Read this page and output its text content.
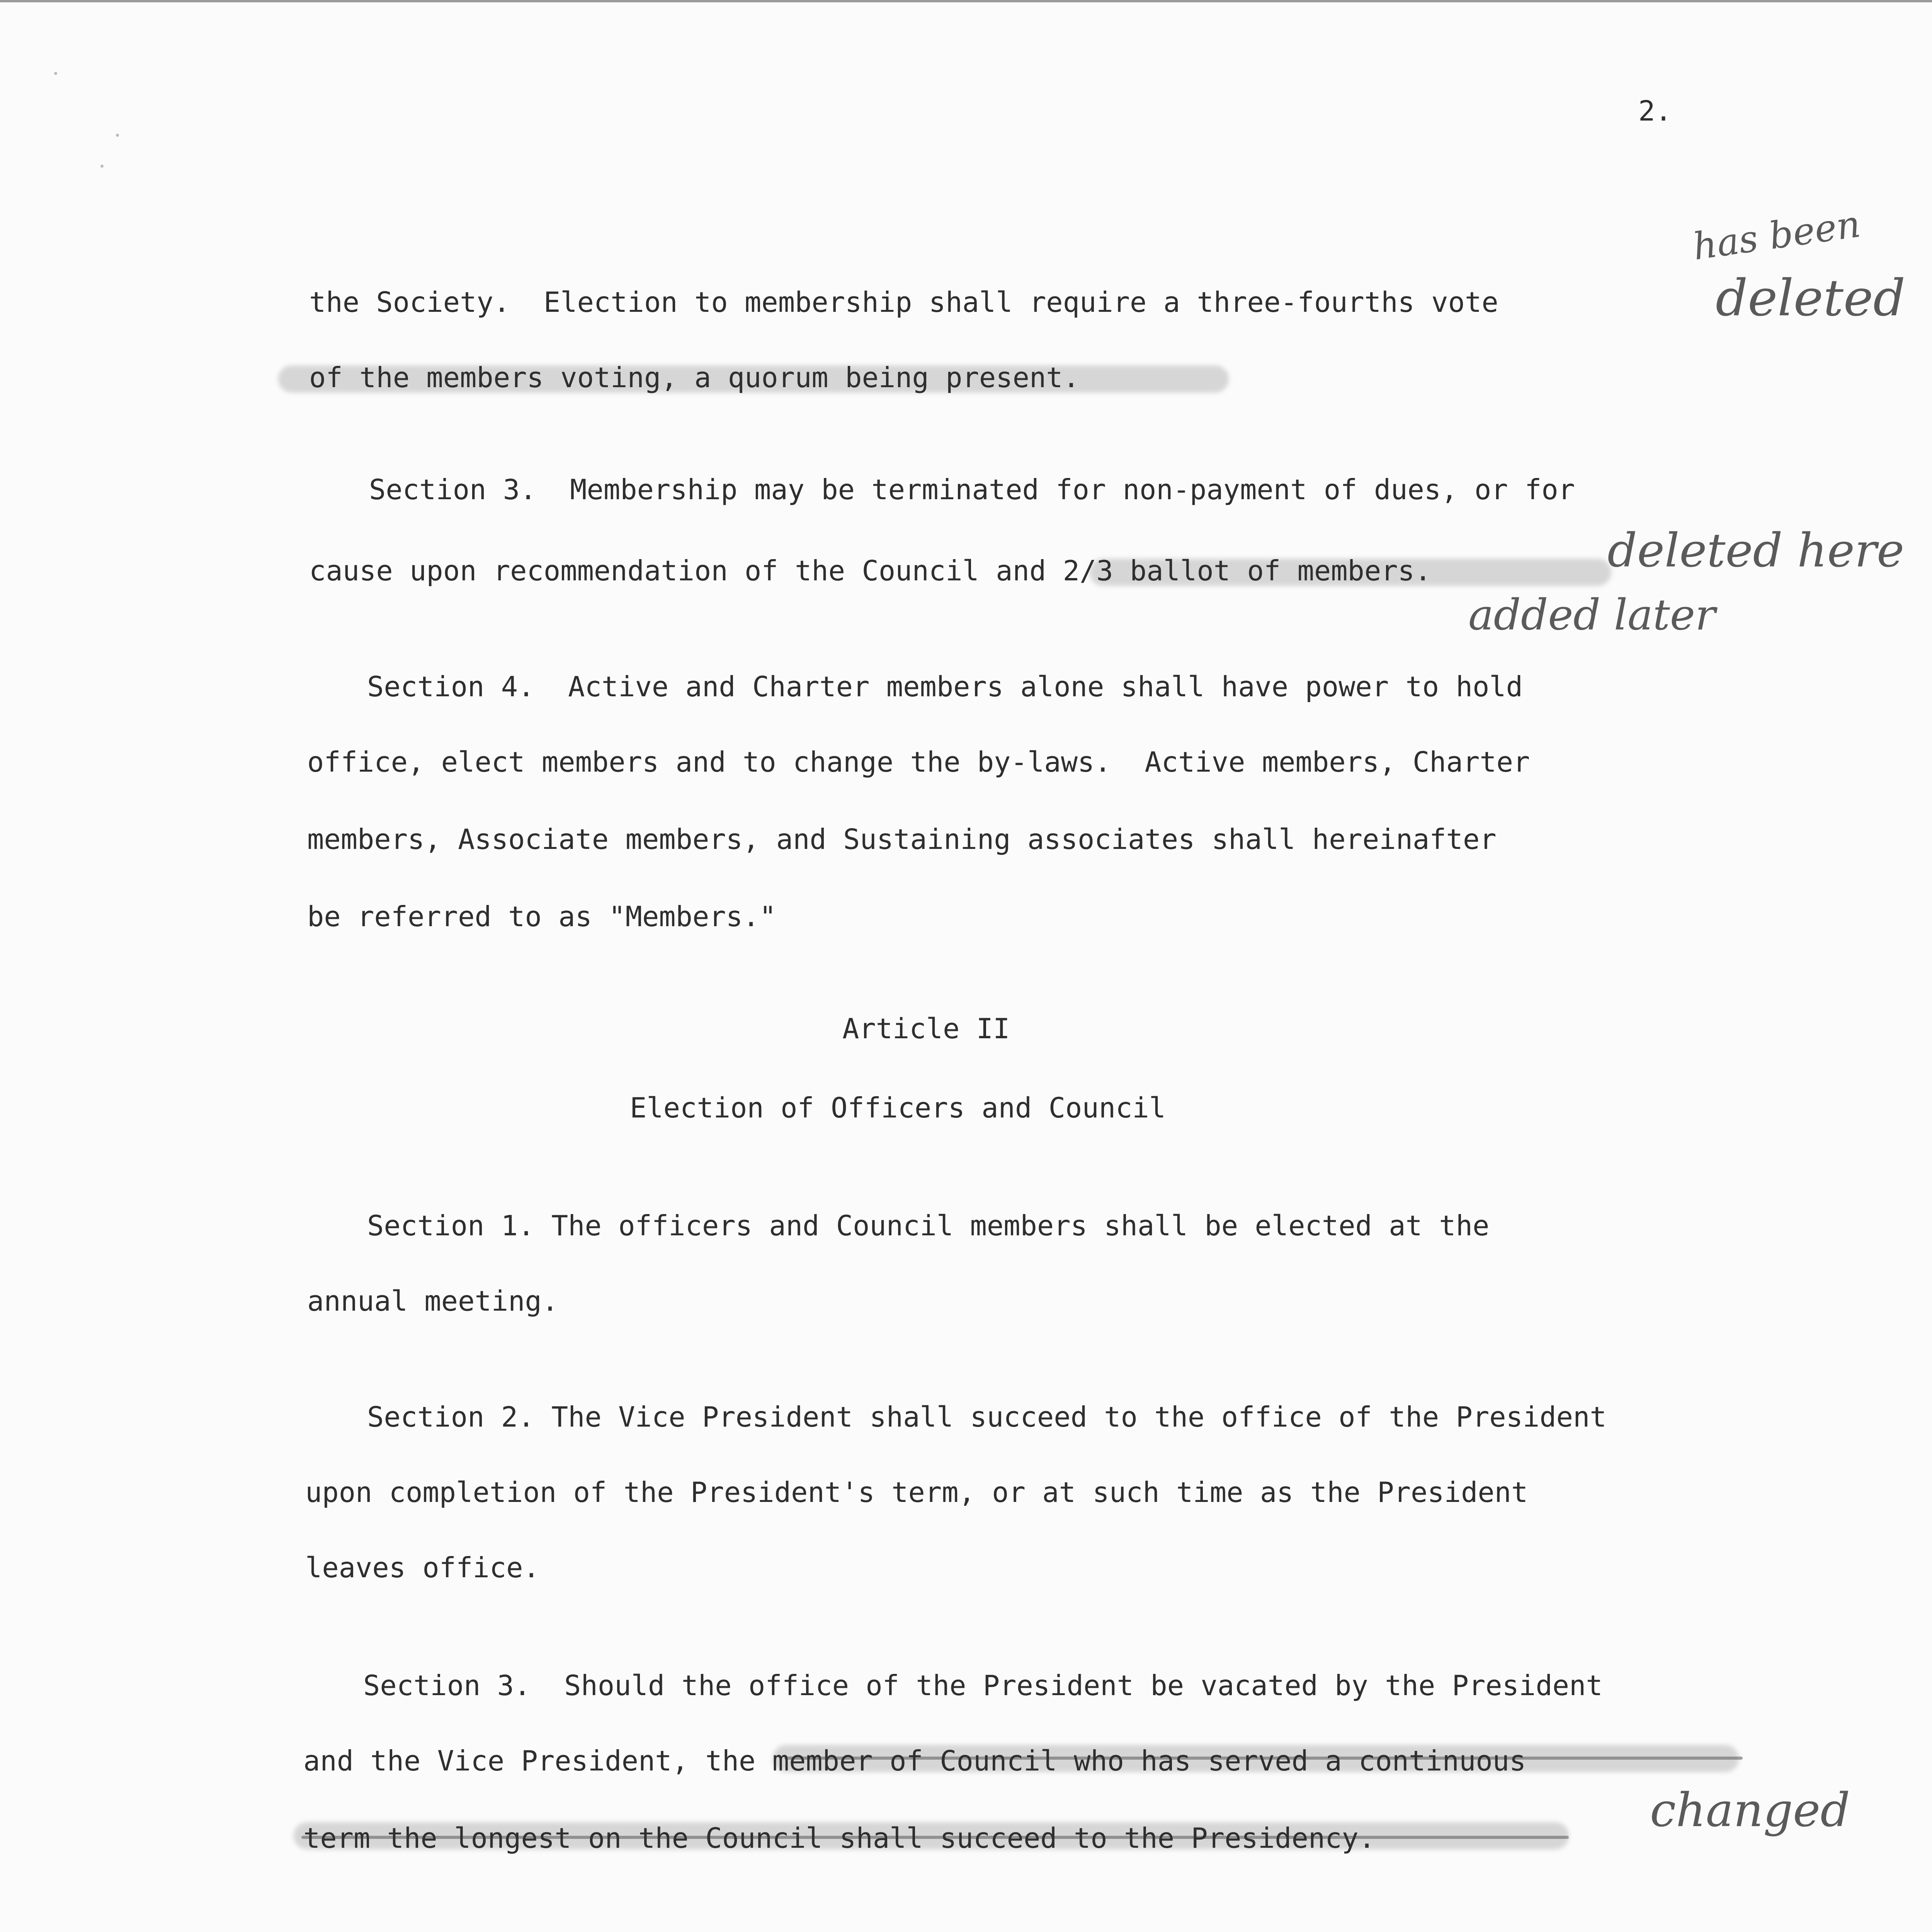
2.
the Society.  Election to membership shall require a three-fourths vote
of the members voting, a quorum being present.
Section 3.  Membership may be terminated for non-payment of dues, or for
cause upon recommendation of the Council and 2/3 ballot of members.
Section 4.  Active and Charter members alone shall have power to hold
office, elect members and to change the by-laws.  Active members, Charter
members, Associate members, and Sustaining associates shall hereinafter
be referred to as "Members."
Article II
Election of Officers and Council
Section 1. The officers and Council members shall be elected at the
annual meeting.
Section 2. The Vice President shall succeed to the office of the President
upon completion of the President's term, or at such time as the President
leaves office.
Section 3.  Should the office of the President be vacated by the President
and the Vice President, the member of Council who has served a continuous
term the longest on the Council shall succeed to the Presidency.
has been
deleted
deleted here
added later
changed
